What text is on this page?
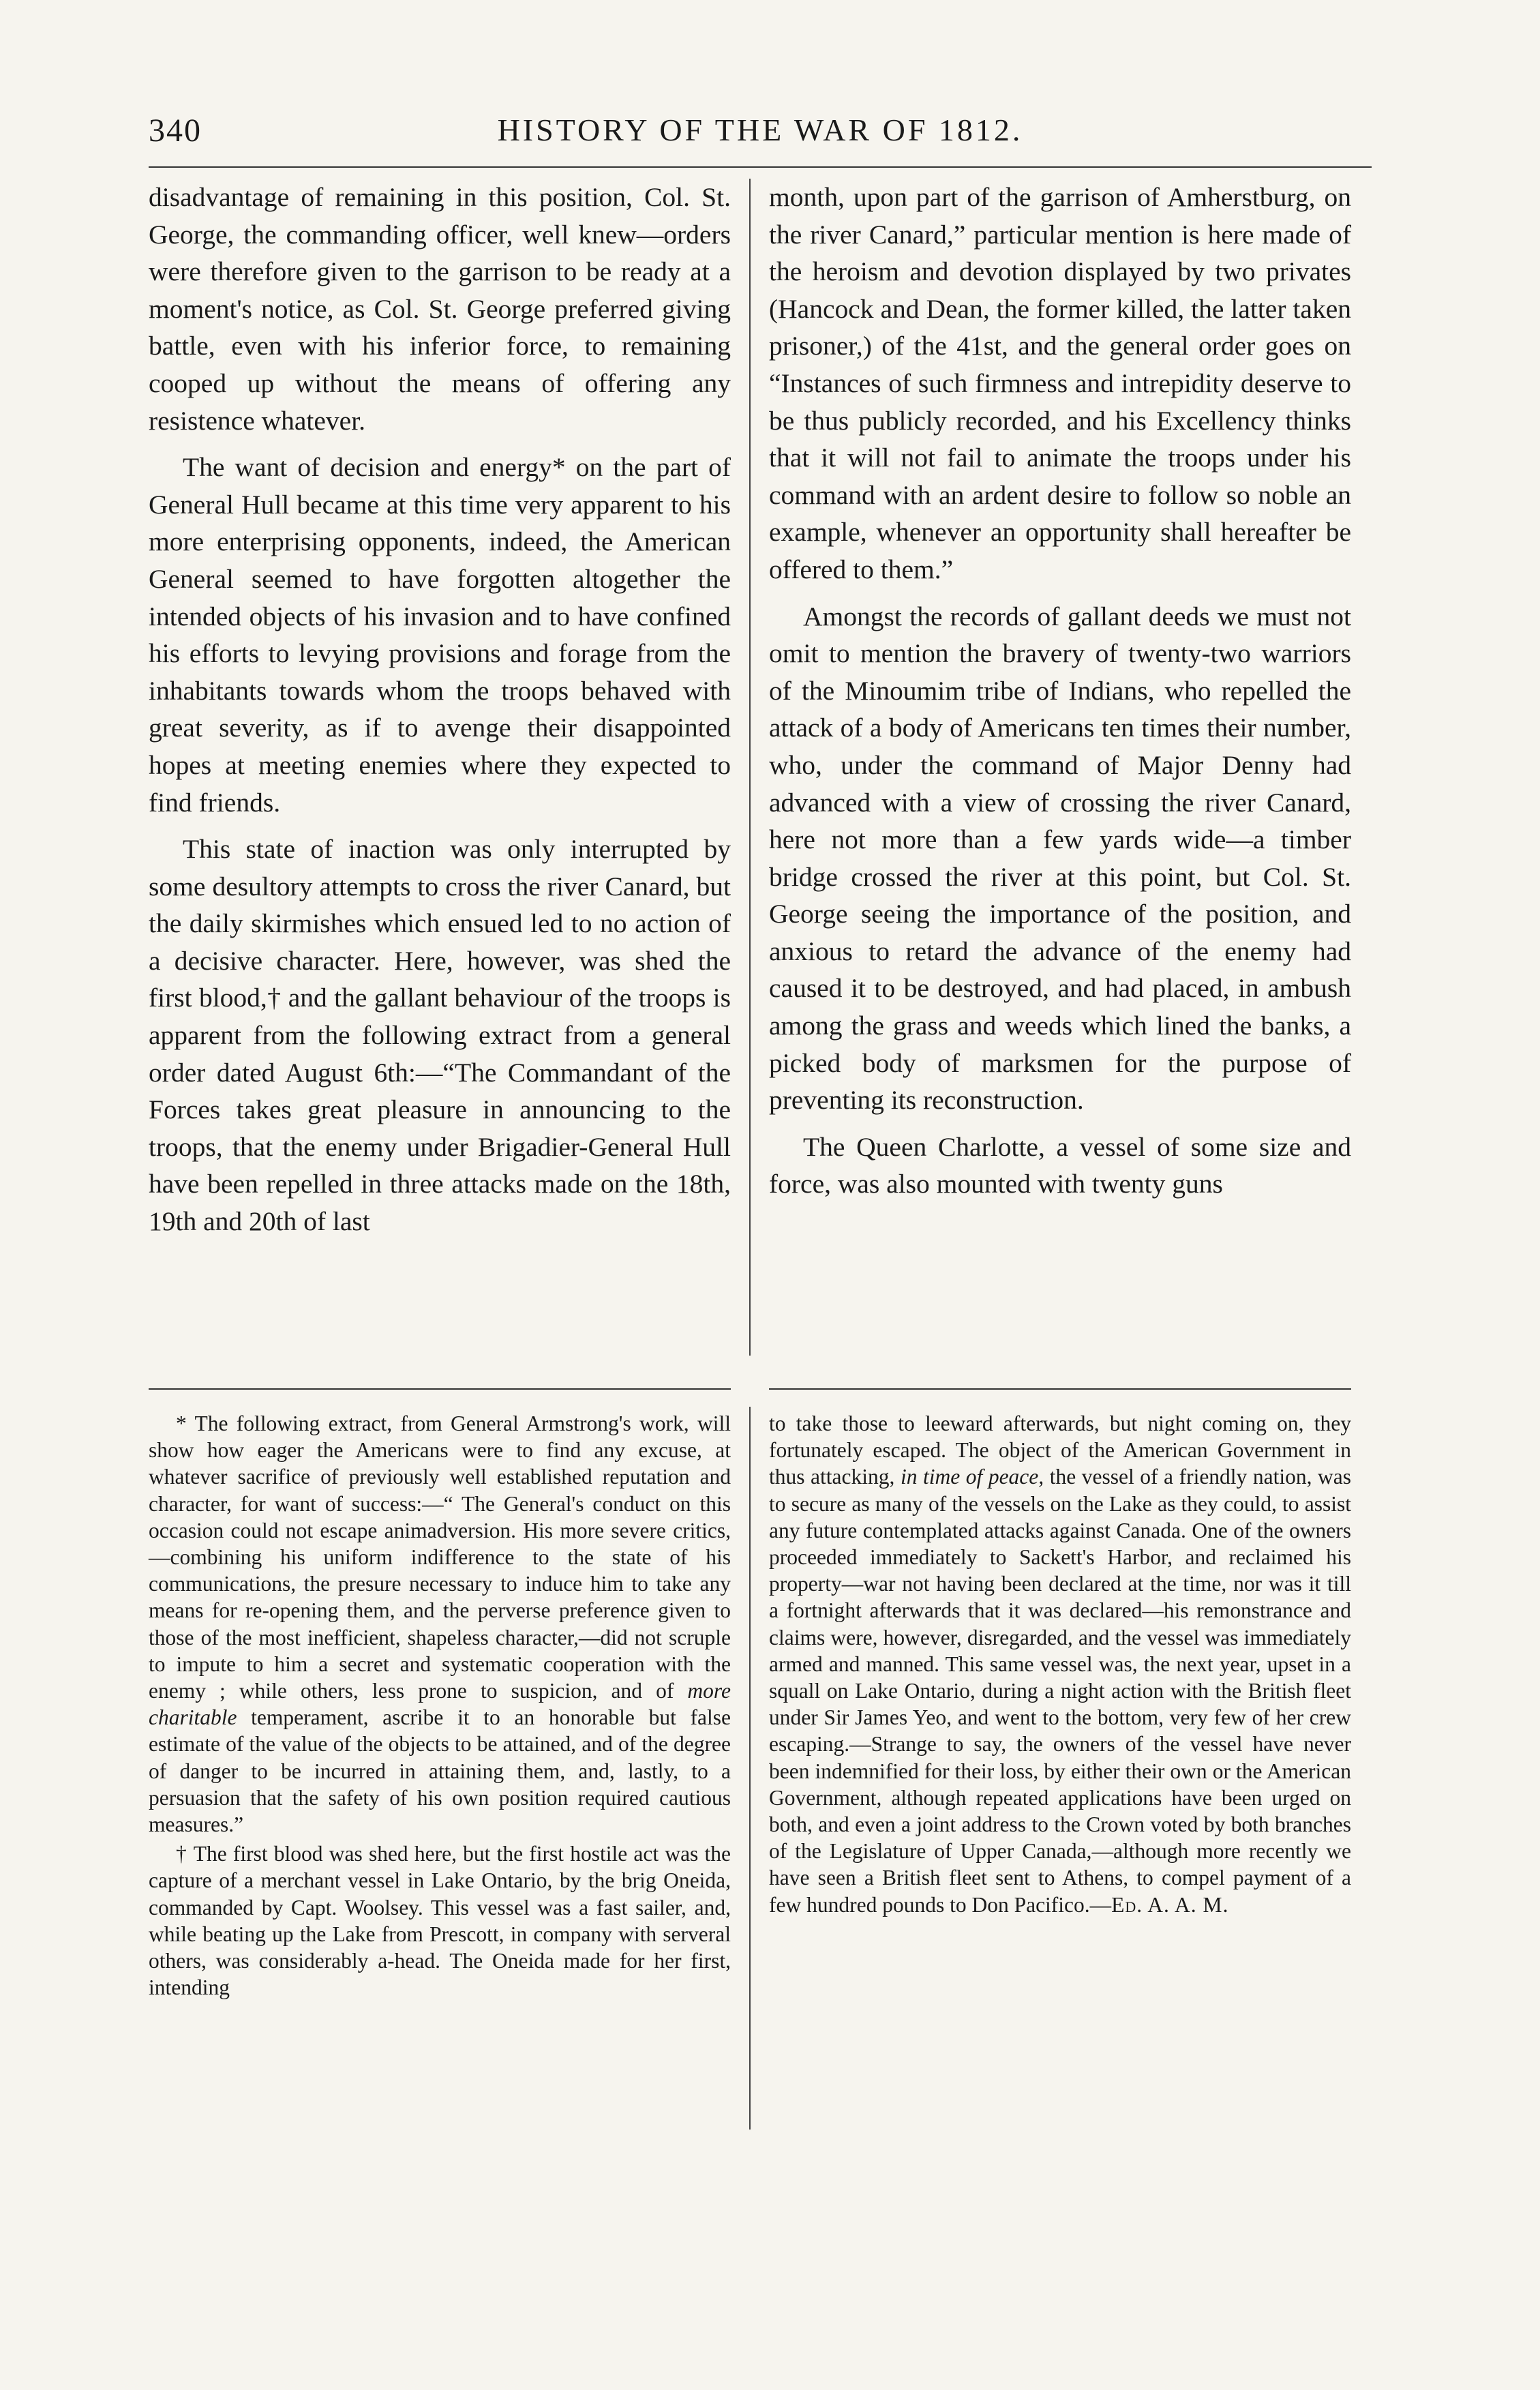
340	HISTORY OF THE WAR OF 1812.

disadvantage of remaining in this position, Col. St. George, the commanding officer, well knew—orders were therefore given to the garrison to be ready at a moment's notice, as Col. St. George preferred giving battle, even with his inferior force, to remaining cooped up without the means of offering any resistence whatever.

The want of decision and energy* on the part of General Hull became at this time very apparent to his more enterprising opponents, indeed, the American General seemed to have forgotten altogether the intended objects of his invasion and to have confined his efforts to levying provisions and forage from the inhabitants towards whom the troops behaved with great severity, as if to avenge their disappointed hopes at meeting enemies where they expected to find friends.

This state of inaction was only interrupted by some desultory attempts to cross the river Canard, but the daily skirmishes which ensued led to no action of a decisive character. Here, however, was shed the first blood,† and the gallant behaviour of the troops is apparent from the following extract from a general order dated August 6th:—“The Commandant of the Forces takes great pleasure in announcing to the troops, that the enemy under Brigadier-General Hull have been repelled in three attacks made on the 18th, 19th and 20th of last

month, upon part of the garrison of Amherstburg, on the river Canard,” particular mention is here made of the heroism and devotion displayed by two privates (Hancock and Dean, the former killed, the latter taken prisoner,) of the 41st, and the general order goes on “Instances of such firmness and intrepidity deserve to be thus publicly recorded, and his Excellency thinks that it will not fail to animate the troops under his command with an ardent desire to follow so noble an example, whenever an opportunity shall hereafter be offered to them.”

Amongst the records of gallant deeds we must not omit to mention the bravery of twenty-two warriors of the Minoumim tribe of Indians, who repelled the attack of a body of Americans ten times their number, who, under the command of Major Denny had advanced with a view of crossing the river Canard, here not more than a few yards wide—a timber bridge crossed the river at this point, but Col. St. George seeing the importance of the position, and anxious to retard the advance of the enemy had caused it to be destroyed, and had placed, in ambush among the grass and weeds which lined the banks, a picked body of marksmen for the purpose of preventing its reconstruction.

The Queen Charlotte, a vessel of some size and force, was also mounted with twenty guns

* The following extract, from General Armstrong's work, will show how eager the Americans were to find any excuse, at whatever sacrifice of previously well established reputation and character, for want of success:—“ The General's conduct on this occasion could not escape animadversion. His more severe critics,—combining his uniform indifference to the state of his communications, the presure necessary to induce him to take any means for re-opening them, and the perverse preference given to those of the most inefficient, shapeless character,—did not scruple to impute to him a secret and systematic cooperation with the enemy ; while others, less prone to suspicion, and of more charitable temperament, ascribe it to an honorable but false estimate of the value of the objects to be attained, and of the degree of danger to be incurred in attaining them, and, lastly, to a persuasion that the safety of his own position required cautious measures.”

† The first blood was shed here, but the first hostile act was the capture of a merchant vessel in Lake Ontario, by the brig Oneida, commanded by Capt. Woolsey. This vessel was a fast sailer, and, while beating up the Lake from Prescott, in company with serveral others, was considerably a-head. The Oneida made for her first, intending

to take those to leeward afterwards, but night coming on, they fortunately escaped. The object of the American Government in thus attacking, in time of peace, the vessel of a friendly nation, was to secure as many of the vessels on the Lake as they could, to assist any future contemplated attacks against Canada. One of the owners proceeded immediately to Sackett's Harbor, and reclaimed his property—war not having been declared at the time, nor was it till a fortnight afterwards that it was declared—his remonstrance and claims were, however, disregarded, and the vessel was immediately armed and manned. This same vessel was, the next year, upset in a squall on Lake Ontario, during a night action with the British fleet under Sir James Yeo, and went to the bottom, very few of her crew escaping.—Strange to say, the owners of the vessel have never been indemnified for their loss, by either their own or the American Government, although repeated applications have been urged on both, and even a joint address to the Crown voted by both branches of the Legislature of Upper Canada,—although more recently we have seen a British fleet sent to Athens, to compel payment of a few hundred pounds to Don Pacifico.—Ed. A. A. M.
